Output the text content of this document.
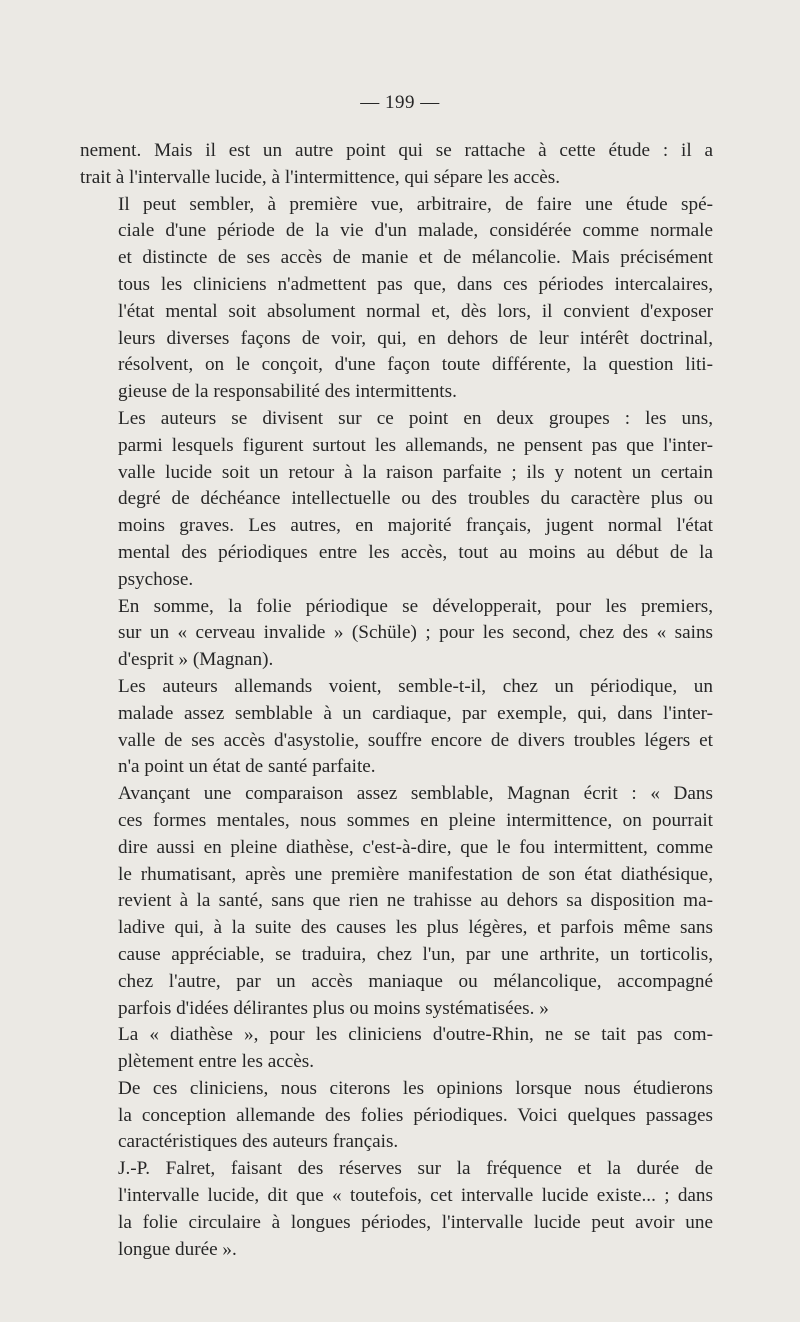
— 199 —

nement. Mais il est un autre point qui se rattache à cette étude : il a
trait à l'intervalle lucide, à l'intermittence, qui sépare les accès.

Il peut sembler, à première vue, arbitraire, de faire une étude spé-
ciale d'une période de la vie d'un malade, considérée comme normale
et distincte de ses accès de manie et de mélancolie. Mais précisément
tous les cliniciens n'admettent pas que, dans ces périodes intercalaires,
l'état mental soit absolument normal et, dès lors, il convient d'exposer
leurs diverses façons de voir, qui, en dehors de leur intérêt doctrinal,
résolvent, on le conçoit, d'une façon toute différente, la question liti-
gieuse de la responsabilité des intermittents.

Les auteurs se divisent sur ce point en deux groupes : les uns,
parmi lesquels figurent surtout les allemands, ne pensent pas que l'inter-
valle lucide soit un retour à la raison parfaite ; ils y notent un certain
degré de déchéance intellectuelle ou des troubles du caractère plus ou
moins graves. Les autres, en majorité français, jugent normal l'état
mental des périodiques entre les accès, tout au moins au début de la
psychose.

En somme, la folie périodique se développerait, pour les premiers,
sur un « cerveau invalide » (Schüle) ; pour les second, chez des « sains
d'esprit » (Magnan).

Les auteurs allemands voient, semble-t-il, chez un périodique, un
malade assez semblable à un cardiaque, par exemple, qui, dans l'inter-
valle de ses accès d'asystolie, souffre encore de divers troubles légers et
n'a point un état de santé parfaite.

Avançant une comparaison assez semblable, Magnan écrit : « Dans
ces formes mentales, nous sommes en pleine intermittence, on pourrait
dire aussi en pleine diathèse, c'est-à-dire, que le fou intermittent, comme
le rhumatisant, après une première manifestation de son état diathésique,
revient à la santé, sans que rien ne trahisse au dehors sa disposition ma-
ladive qui, à la suite des causes les plus légères, et parfois même sans
cause appréciable, se traduira, chez l'un, par une arthrite, un torticolis,
chez l'autre, par un accès maniaque ou mélancolique, accompagné
parfois d'idées délirantes plus ou moins systématisées. »

La « diathèse », pour les cliniciens d'outre-Rhin, ne se tait pas com-
plètement entre les accès.

De ces cliniciens, nous citerons les opinions lorsque nous étudierons
la conception allemande des folies périodiques. Voici quelques passages
caractéristiques des auteurs français.

J.-P. Falret, faisant des réserves sur la fréquence et la durée de
l'intervalle lucide, dit que « toutefois, cet intervalle lucide existe... ; dans
la folie circulaire à longues périodes, l'intervalle lucide peut avoir une
longue durée ».
